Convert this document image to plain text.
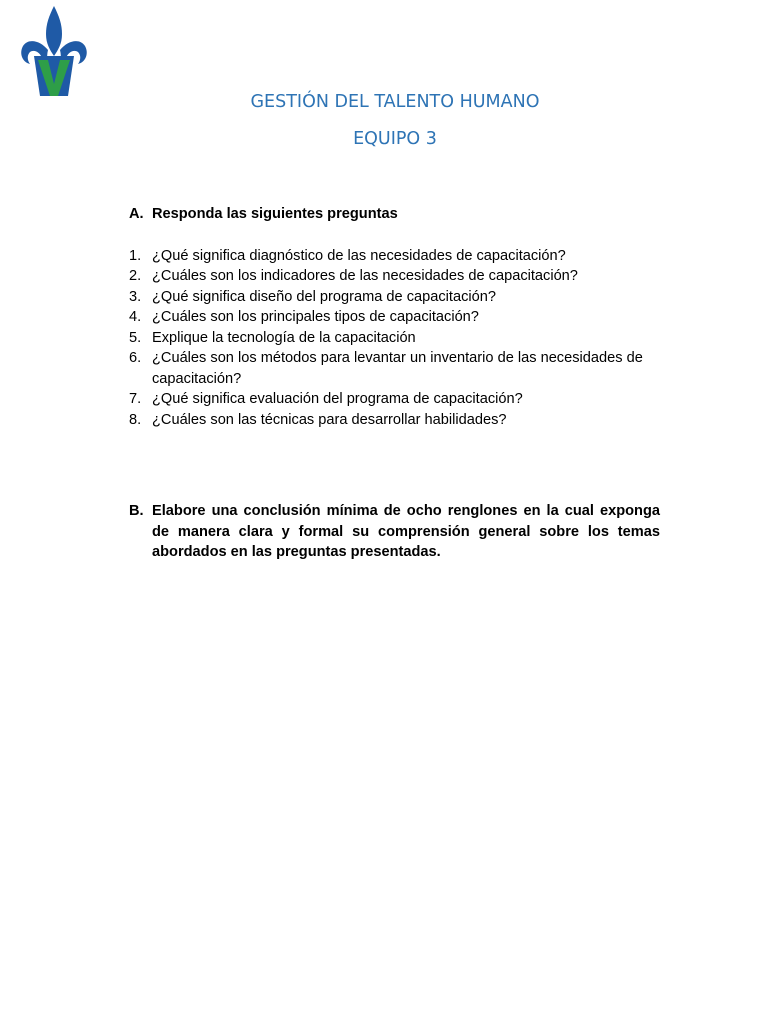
GESTIÓN DEL TALENTO HUMANO
EQUIPO 3
A. Responda las siguientes preguntas
1. ¿Qué significa diagnóstico de las necesidades de capacitación?
2. ¿Cuáles son los indicadores de las necesidades de capacitación?
3. ¿Qué significa diseño del programa de capacitación?
4. ¿Cuáles son los principales tipos de capacitación?
5. Explique la tecnología de la capacitación
6. ¿Cuáles son los métodos para levantar un inventario de las necesidades de capacitación?
7. ¿Qué significa evaluación del programa de capacitación?
8. ¿Cuáles son las técnicas para desarrollar habilidades?
B. Elabore una conclusión mínima de ocho renglones en la cual exponga de manera clara y formal su comprensión general sobre los temas abordados en las preguntas presentadas.
